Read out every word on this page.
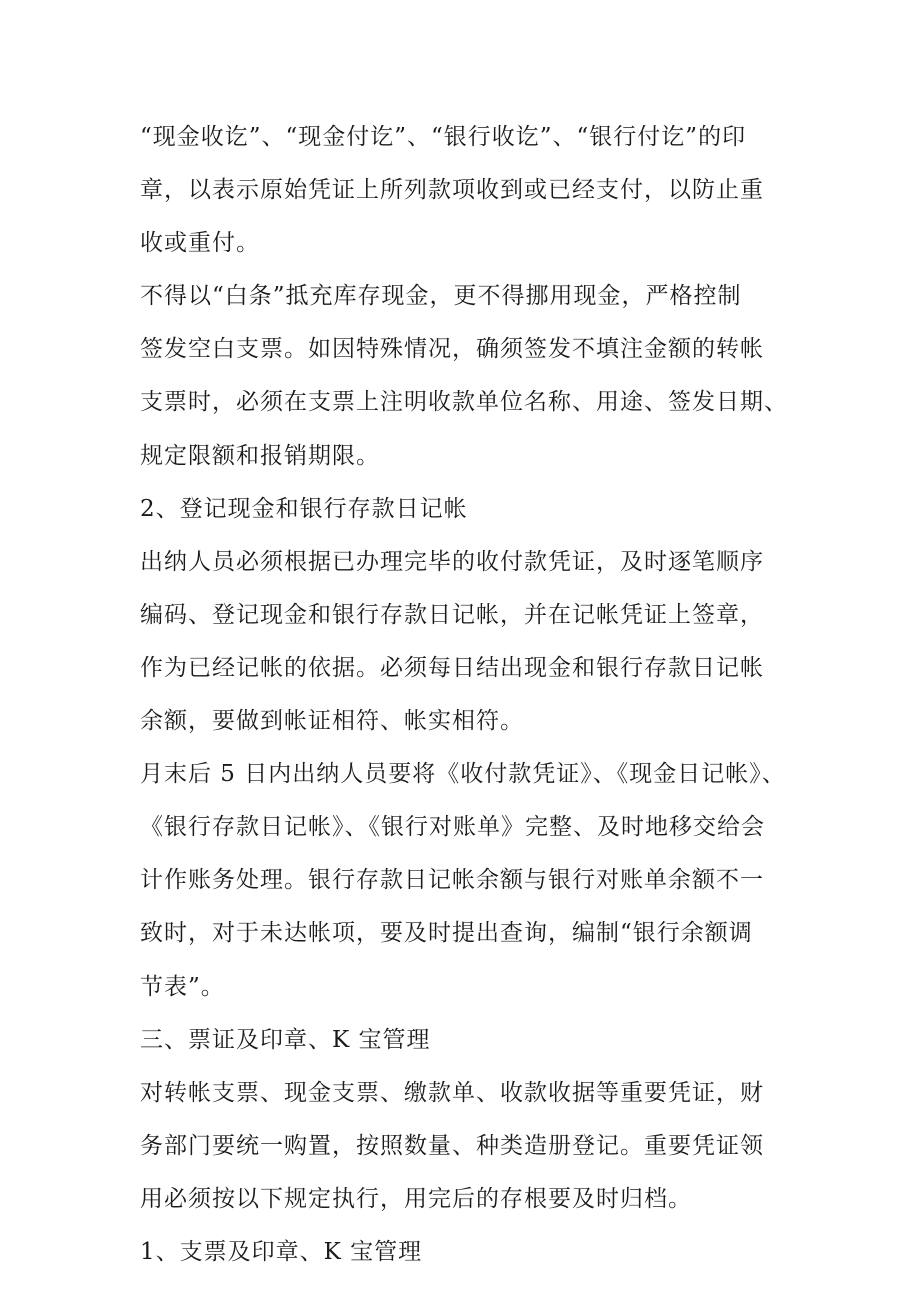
“现金收讫”、“现金付讫”、“银行收讫”、“银行付讫”的印
章，以表示原始凭证上所列款项收到或已经支付，以防止重
收或重付。
不得以“白条”抵充库存现金，更不得挪用现金，严格控制
签发空白支票。如因特殊情况，确须签发不填注金额的转帐
支票时，必须在支票上注明收款单位名称、用途、签发日期、
规定限额和报销期限。
2、登记现金和银行存款日记帐
出纳人员必须根据已办理完毕的收付款凭证，及时逐笔顺序
编码、登记现金和银行存款日记帐，并在记帐凭证上签章，
作为已经记帐的依据。必须每日结出现金和银行存款日记帐
余额，要做到帐证相符、帐实相符。
月末后 5 日内出纳人员要将《收付款凭证》、《现金日记帐》、
《银行存款日记帐》、《银行对账单》完整、及时地移交给会
计作账务处理。银行存款日记帐余额与银行对账单余额不一
致时，对于未达帐项，要及时提出查询，编制“银行余额调
节表”。
三、票证及印章、K 宝管理
对转帐支票、现金支票、缴款单、收款收据等重要凭证，财
务部门要统一购置，按照数量、种类造册登记。重要凭证领
用必须按以下规定执行，用完后的存根要及时归档。
1、支票及印章、K 宝管理
